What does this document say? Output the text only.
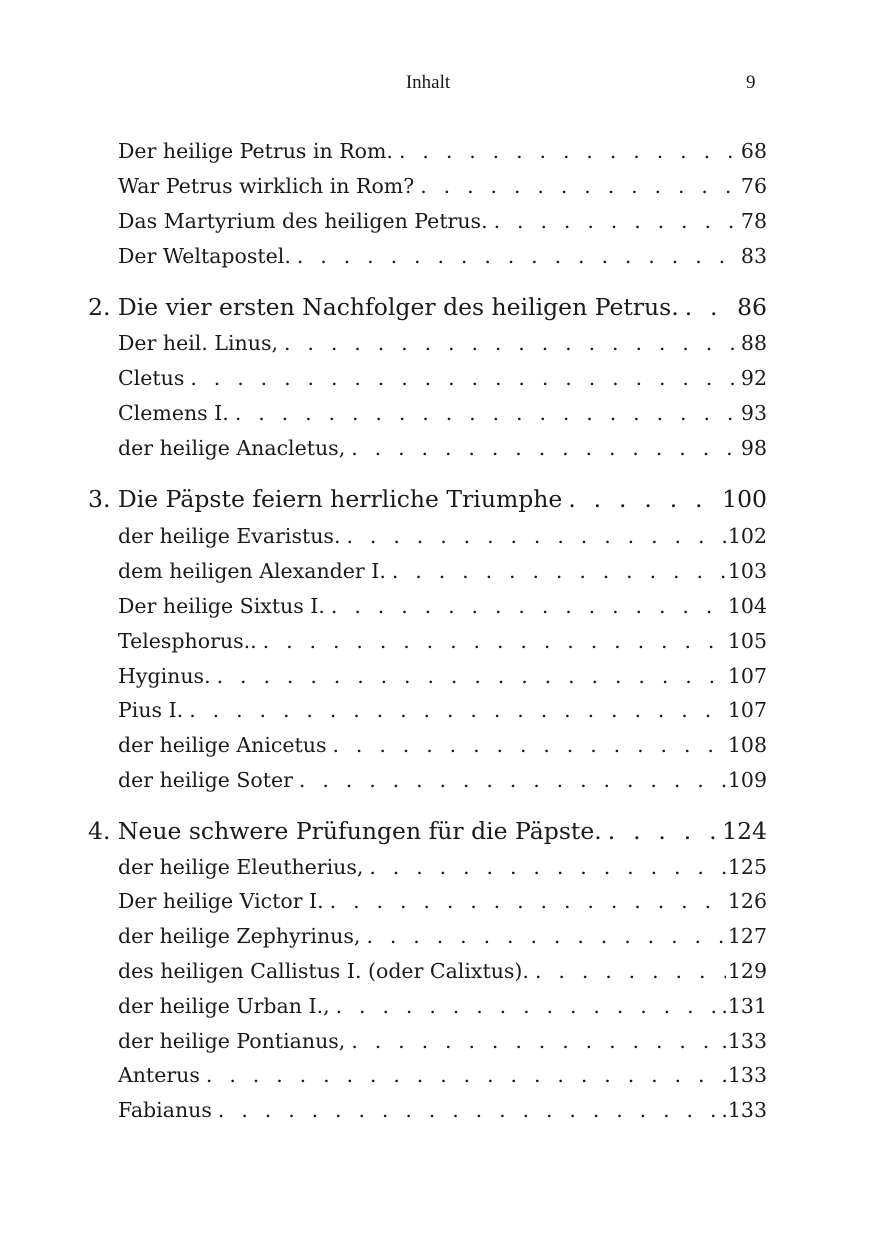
Inhalt	9
Der heilige Petrus in Rom. . . .	68
War Petrus wirklich in Rom? . . .	76
Das Martyrium des heiligen Petrus. . . .	78
Der Weltapostel. . . .	83
2. Die vier ersten Nachfolger des heiligen Petrus. . . . 86
Der heil. Linus, . . .	88
Cletus . . .	92
Clemens I. . . .	93
der heilige Anacletus, . . .	98
3. Die Päpste feiern herrliche Triumphe . . .	100
der heilige Evaristus. . . .	102
dem heiligen Alexander I. . . .	103
Der heilige Sixtus I. . . .	104
Telesphorus.. . . .	105
Hyginus. . . .	107
Pius I. . . .	107
der heilige Anicetus . . .	108
der heilige Soter . . .	109
4. Neue schwere Prüfungen für die Päpste. . . .	124
der heilige Eleutherius, . . .	125
Der heilige Victor I. . . .	126
der heilige Zephyrinus, . . .	127
des heiligen Callistus I. (oder Calixtus). . . .	129
der heilige Urban I., . . .	.131
der heilige Pontianus, . . .	.133
Anterus . . .	.133
Fabianus . . .	.133
